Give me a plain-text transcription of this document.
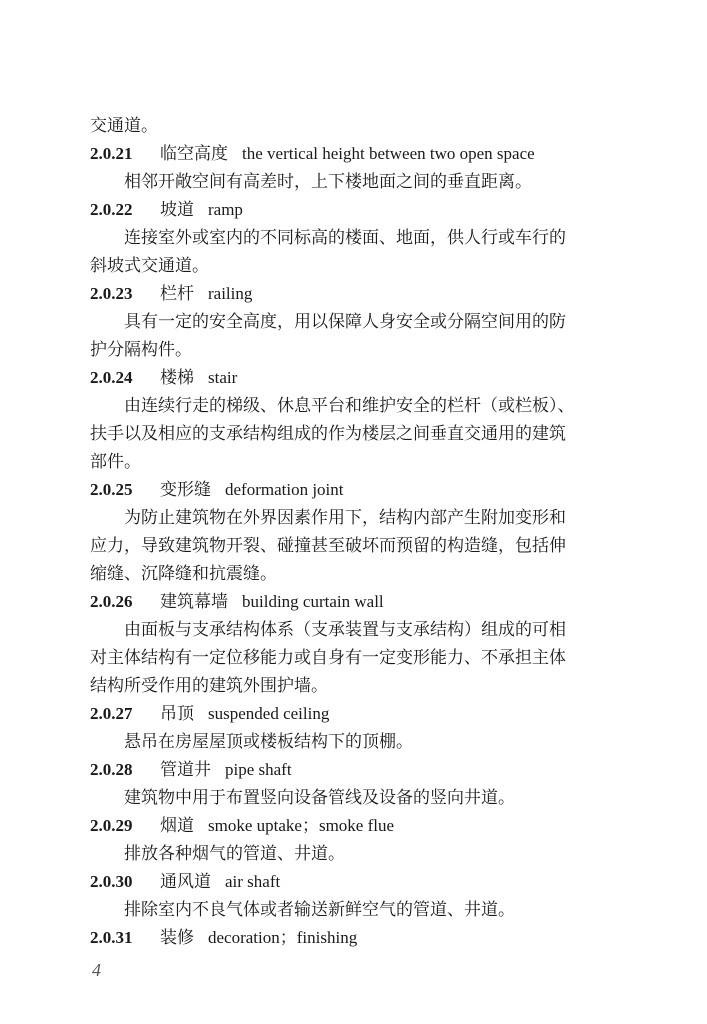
交通道。
2.0.21 临空高度 the vertical height between two open space
相邻开敞空间有高差时，上下楼地面之间的垂直距离。
2.0.22 坡道 ramp
连接室外或室内的不同标高的楼面、地面，供人行或车行的
斜坡式交通道。
2.0.23 栏杆 railing
具有一定的安全高度，用以保障人身安全或分隔空间用的防
护分隔构件。
2.0.24 楼梯 stair
由连续行走的梯级、休息平台和维护安全的栏杆（或栏板）、
扶手以及相应的支承结构组成的作为楼层之间垂直交通用的建筑
部件。
2.0.25 变形缝 deformation joint
为防止建筑物在外界因素作用下，结构内部产生附加变形和
应力，导致建筑物开裂、碰撞甚至破坏而预留的构造缝，包括伸
缩缝、沉降缝和抗震缝。
2.0.26 建筑幕墙 building curtain wall
由面板与支承结构体系（支承装置与支承结构）组成的可相
对主体结构有一定位移能力或自身有一定变形能力、不承担主体
结构所受作用的建筑外围护墙。
2.0.27 吊顶 suspended ceiling
悬吊在房屋屋顶或楼板结构下的顶棚。
2.0.28 管道井 pipe shaft
建筑物中用于布置竖向设备管线及设备的竖向井道。
2.0.29 烟道 smoke uptake；smoke flue
排放各种烟气的管道、井道。
2.0.30 通风道 air shaft
排除室内不良气体或者输送新鲜空气的管道、井道。
2.0.31 装修 decoration；finishing
4
